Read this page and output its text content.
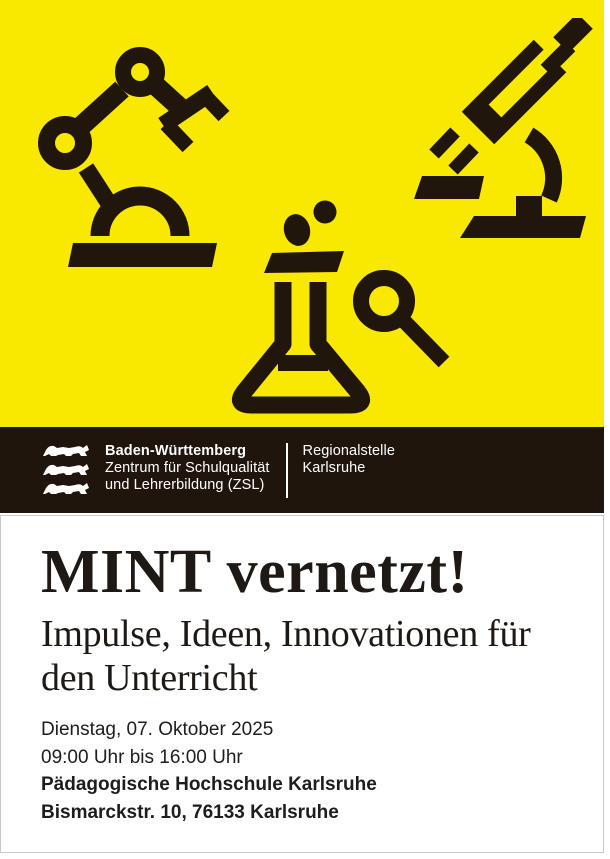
Baden-Württemberg
Zentrum für Schulqualität
und Lehrerbildung (ZSL)
Regionalstelle
Karlsruhe
MINT vernetzt!
Impulse, Ideen, Innovationen für
den Unterricht
Dienstag, 07. Oktober 2025
09:00 Uhr bis 16:00 Uhr
Pädagogische Hochschule Karlsruhe
Bismarckstr. 10, 76133 Karlsruhe
